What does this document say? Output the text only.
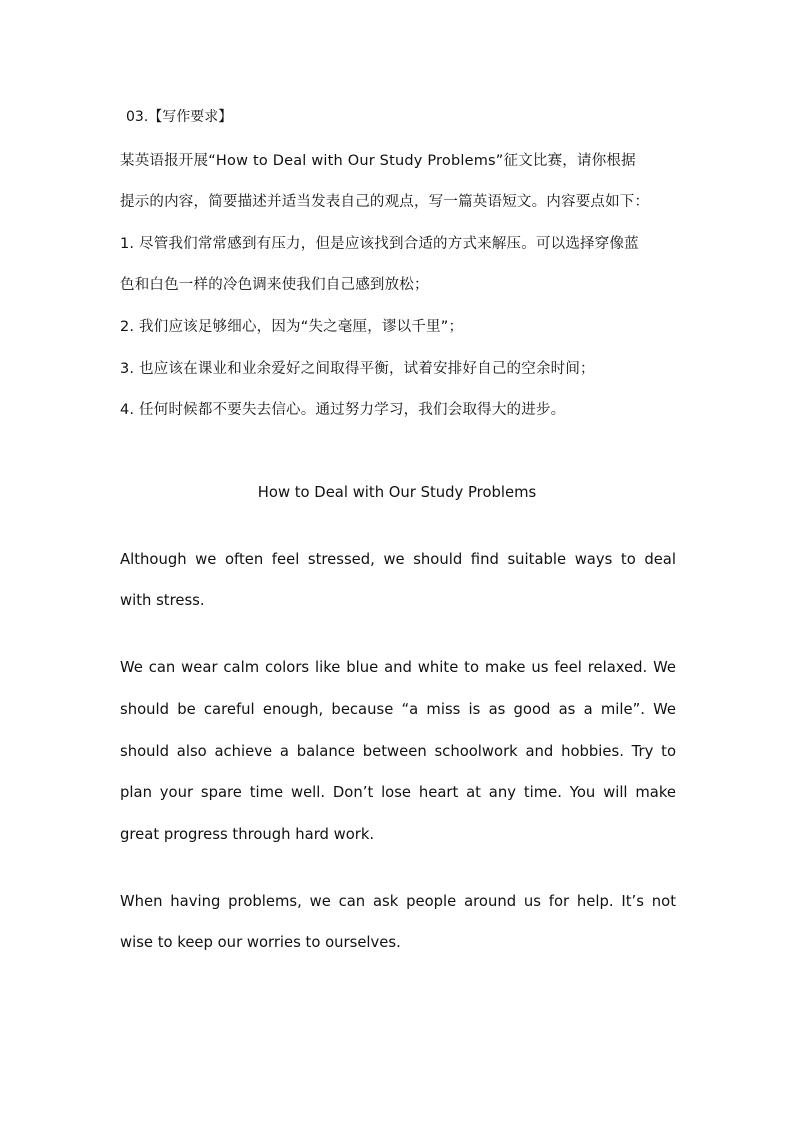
03.【写作要求】
某英语报开展“How to Deal with Our Study Problems”征文比赛，请你根据
提示的内容，简要描述并适当发表自己的观点，写一篇英语短文。内容要点如下：
1. 尽管我们常常感到有压力，但是应该找到合适的方式来解压。可以选择穿像蓝
色和白色一样的冷色调来使我们自己感到放松；
2. 我们应该足够细心，因为“失之毫厘，谬以千里”；
3. 也应该在课业和业余爱好之间取得平衡，试着安排好自己的空余时间；
4. 任何时候都不要失去信心。通过努力学习，我们会取得大的进步。
How to Deal with Our Study Problems
Although we often feel stressed, we should find suitable ways to deal
with stress.
We can wear calm colors like blue and white to make us feel relaxed. We
should be careful enough, because “a miss is as good as a mile”. We
should also achieve a balance between schoolwork and hobbies. Try to
plan your spare time well. Don’t lose heart at any time. You will make
great progress through hard work.
When having problems, we can ask people around us for help. It’s not
wise to keep our worries to ourselves.
